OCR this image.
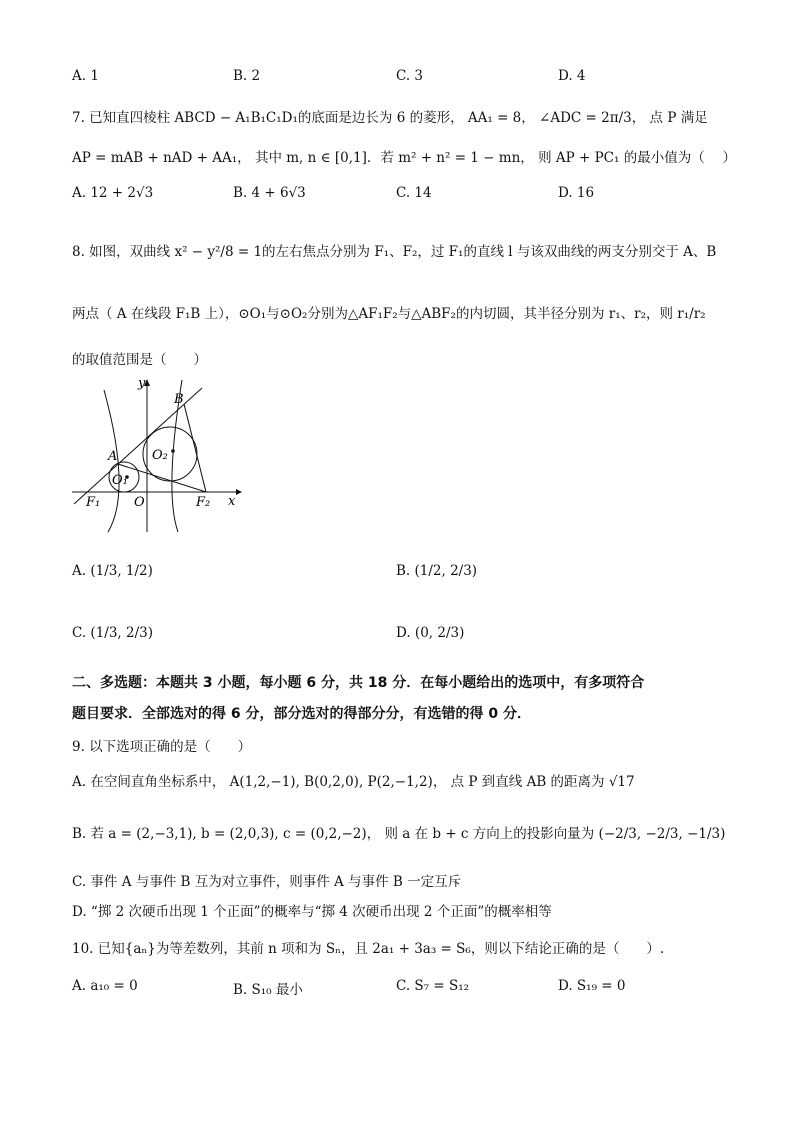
A. 1	B. 2	C. 3	D. 4
7. 已知直四棱柱 ABCD − A₁B₁C₁D₁的底面是边长为 6 的菱形， AA₁ = 8， ∠ADC = 2π/3， 点 P 满足
AP = mAB + nAD + AA₁， 其中 m, n ∈ [0,1]．若 m² + n² = 1 − mn， 则 AP + PC₁ 的最小值为（　 ）
A. 12 + 2√3	B. 4 + 6√3	C. 14	D. 16
8. 如图，双曲线 x² − y²/8 = 1的左右焦点分别为 F₁、F₂，过 F₁的直线 l 与该双曲线的两支分别交于 A、B
两点（ A 在线段 F₁B 上），⊙O₁与⊙O₂分别为△AF₁F₂与△ABF₂的内切圆，其半径分别为 r₁、r₂，则 r₁/r₂
的取值范围是（　　）
y
x
B
A	O₂
O₁
F₁	O	F₂
A. (1/3, 1/2)	B. (1/2, 2/3)
C. (1/3, 2/3)	D. (0, 2/3)
二、多选题：本题共 3 小题，每小题 6 分，共 18 分．在每小题给出的选项中，有多项符合
题目要求．全部选对的得 6 分，部分选对的得部分分，有选错的得 0 分．
9. 以下选项正确的是（　　）
A. 在空间直角坐标系中， A(1,2,−1), B(0,2,0), P(2,−1,2)， 点 P 到直线 AB 的距离为 √17
B. 若 a = (2,−3,1), b = (2,0,3), c = (0,2,−2)， 则 a 在 b + c 方向上的投影向量为 (−2/3, −2/3, −1/3)
C. 事件 A 与事件 B 互为对立事件，则事件 A 与事件 B 一定互斥
D. “掷 2 次硬币出现 1 个正面”的概率与“掷 4 次硬币出现 2 个正面”的概率相等
10. 已知{aₙ}为等差数列，其前 n 项和为 Sₙ，且 2a₁ + 3a₃ = S₆，则以下结论正确的是（　　）.
A. a₁₀ = 0	B. S₁₀ 最小	C. S₇ = S₁₂	D. S₁₉ = 0
